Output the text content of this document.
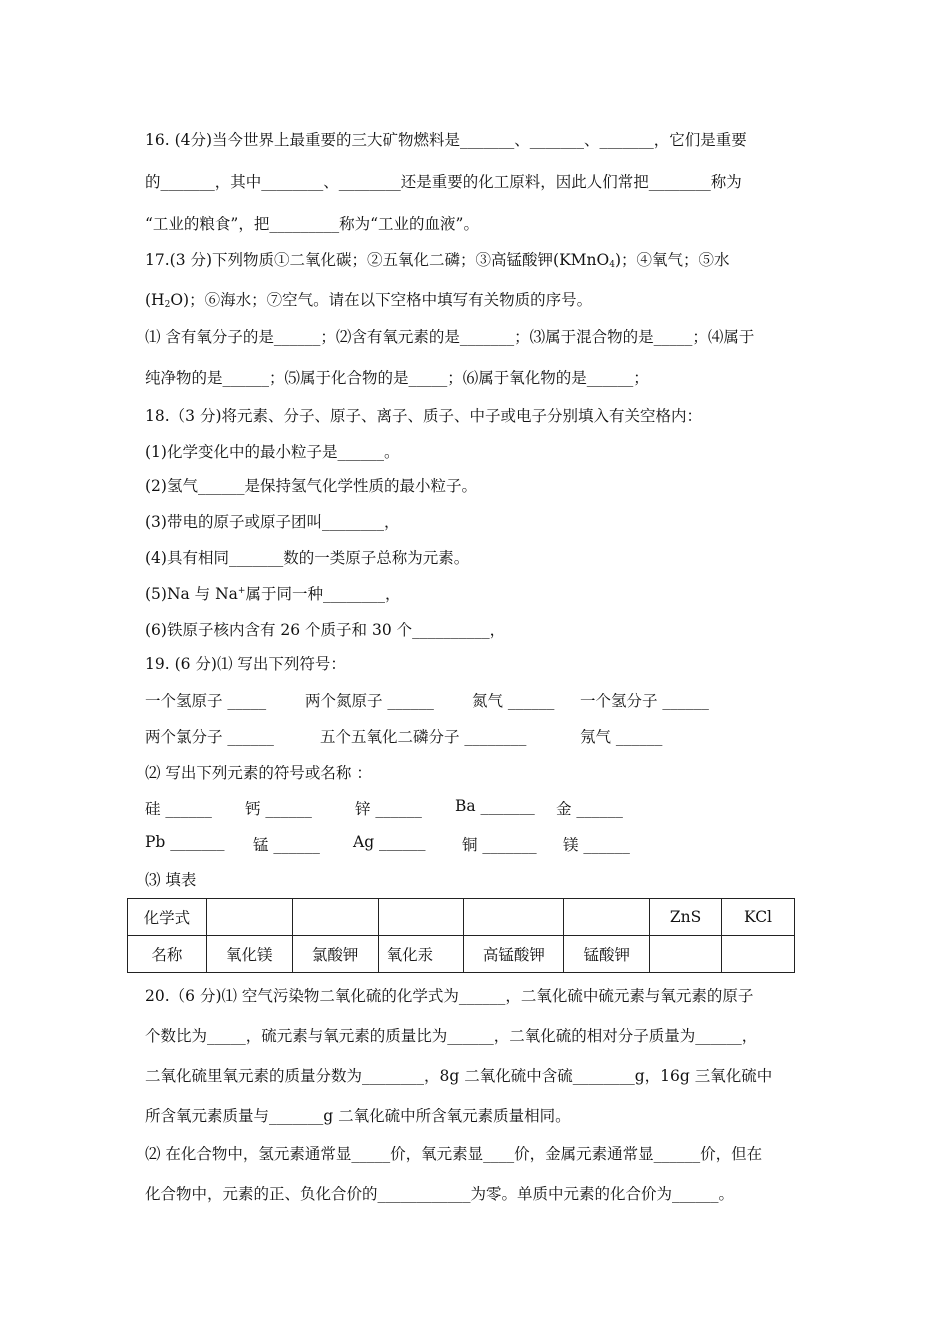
16. (4分)当今世界上最重要的三大矿物燃料是_______、_______、_______，它们是重要
的_______，其中________、________还是重要的化工原料，因此人们常把________称为
“工业的粮食”，把_________称为“工业的血液”。
17.(3 分)下列物质①二氧化碳；②五氧化二磷；③高锰酸钾(KMnO$_4$)；④氧气；⑤水
$(H_2O)$；⑥海水；⑦空气。请在以下空格中填写有关物质的序号。
⑴ 含有氧分子的是______；⑵含有氧元素的是_______；⑶属于混合物的是_____；⑷属于
纯净物的是______；⑸属于化合物的是_____；⑹属于氧化物的是______；
18.（3 分)将元素、分子、原子、离子、质子、中子或电子分别填入有关空格内：
(1)化学变化中的最小粒子是______。
(2)氢气______是保持氢气化学性质的最小粒子。
(3)带电的原子或原子团叫________，
(4)具有相同_______数的一类原子总称为元素。
(5)Na 与 Na+属于同一种________，
(6)铁原子核内含有 26 个质子和 30 个__________，
19. (6 分)⑴ 写出下列符号：
一个氢原子 _____	两个氮原子 ______ 氮气 ______ 一个氢分子 ______
两个氯分子 ______	五个五氧化二磷分子 ________	氖气 ______
⑵ 写出下列元素的符号或名称 ：
硅 ______ 钙 ______	锌 ______ Ba _______ 金 ______
Pb _______ 锰 ______ Ag ______ 铜 _______ 镁 ______
⑶ 填表
化学式						ZnS	KCl
名称	氧化镁	氯酸钾	氧化汞	高锰酸钾	锰酸钾		
20.（6 分)⑴ 空气污染物二氧化硫的化学式为______，二氧化硫中硫元素与氧元素的原子
个数比为_____，硫元素与氧元素的质量比为______，二氧化硫的相对分子质量为______，
二氧化硫里氧元素的质量分数为________，8g 二氧化硫中含硫________g，16g 三氧化硫中
所含氧元素质量与_______g 二氧化硫中所含氧元素质量相同。
⑵ 在化合物中，氢元素通常显_____价，氧元素显____价，金属元素通常显______价，但在
化合物中，元素的正、负化合价的____________为零。单质中元素的化合价为______。
